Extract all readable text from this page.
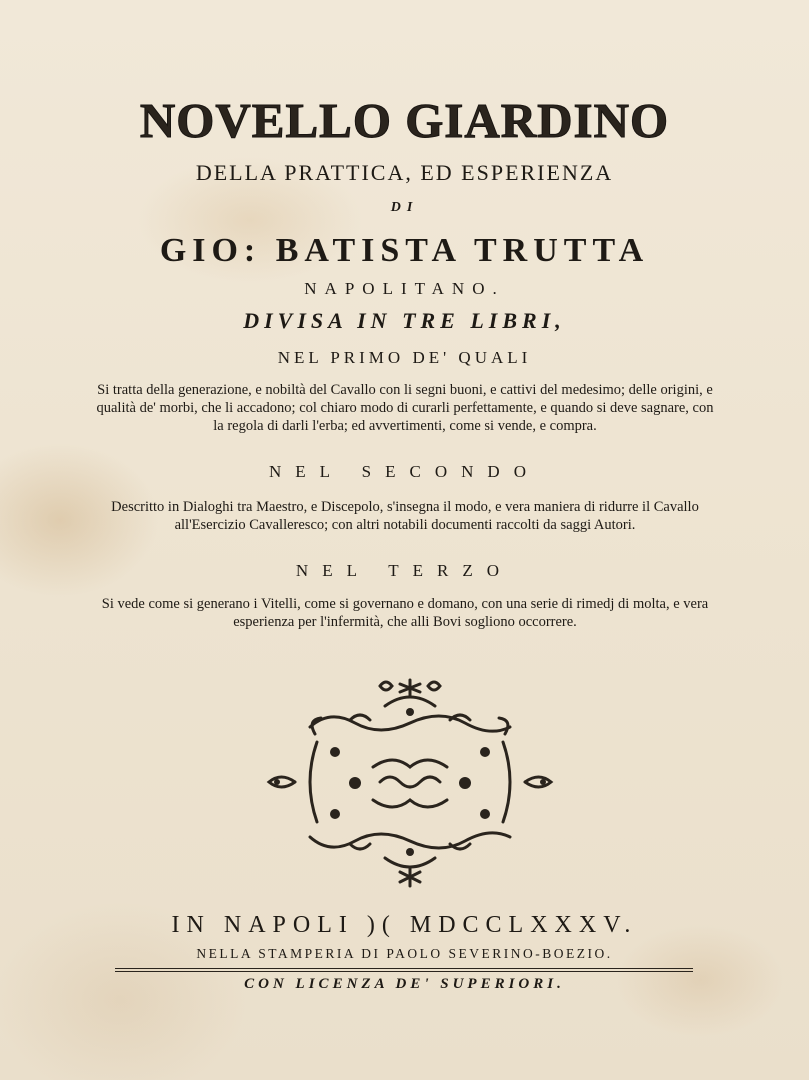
NOVELLO GIARDINO
DELLA PRATTICA, ED ESPERIENZA
DI
GIO: BATISTA TRUTTA
NAPOLITANO.
DIVISA IN TRE LIBRI,
NEL PRIMO DE' QUALI
Si tratta della generazione, e nobiltà del Cavallo con li segni buoni, e cattivi del medesimo; delle origini, e qualità de' morbi, che li accadono; col chiaro modo di curarli perfettamente, e quando si deve sagnare, con la regola di darli l'erba; ed avvertimenti, come si vende, e compra.
NEL SECONDO
Descritto in Dialoghi tra Maestro, e Discepolo, s'insegna il modo, e vera maniera di ridurre il Cavallo all'Esercizio Cavalleresco; con altri notabili documenti raccolti da saggi Autori.
NEL TERZO
Si vede come si generano i Vitelli, come si governano e domano, con una serie di rimedj di molta, e vera esperienza per l'infermità, che alli Bovi sogliono occorrere.
IN NAPOLI )( MDCCLXXXV.
NELLA STAMPERIA DI PAOLO SEVERINO-BOEZIO.
CON LICENZA DE' SUPERIORI.
